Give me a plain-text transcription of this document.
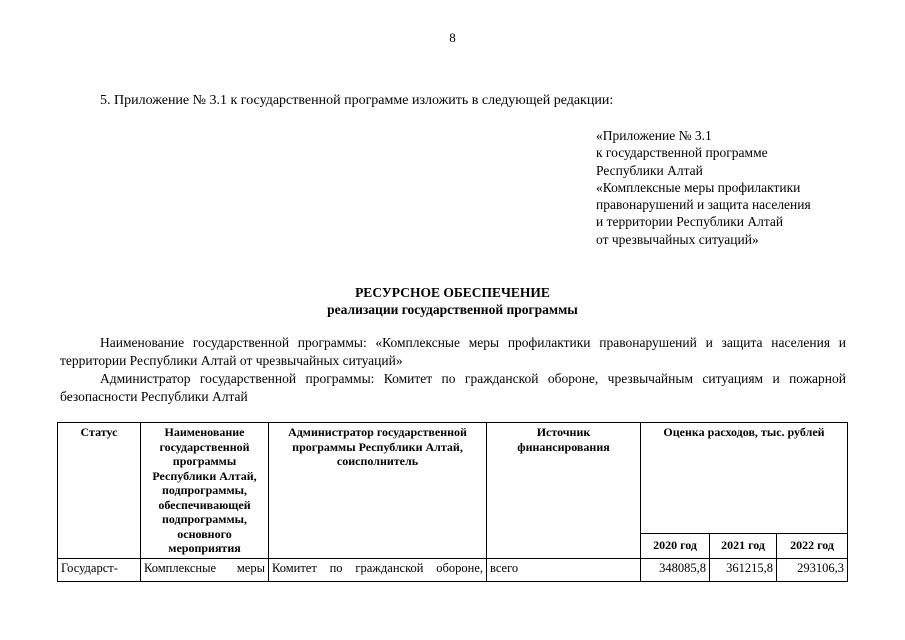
8
5. Приложение № 3.1 к государственной программе изложить в следующей редакции:
«Приложение № 3.1
к государственной программе
Республики Алтай
«Комплексные меры профилактики
правонарушений и защита населения
и территории Республики Алтай
от чрезвычайных ситуаций»
РЕСУРСНОЕ ОБЕСПЕЧЕНИЕ
реализации государственной программы
Наименование государственной программы: «Комплексные меры профилактики правонарушений и защита населения и территории Республики Алтай от чрезвычайных ситуаций»
Администратор государственной программы: Комитет по гражданской обороне, чрезвычайным ситуациям и пожарной безопасности Республики Алтай
Статус	Наименование государственной программы Республики Алтай, подпрограммы, обеспечивающей подпрограммы, основного мероприятия	Администратор государственной программы Республики Алтай, соисполнитель	Источник финансирования	Оценка расходов, тыс. рублей		
				2020 год	2021 год	2022 год
Государст-	Комплексные меры	Комитет по гражданской обороне,	всего	348085,8	361215,8	293106,3
